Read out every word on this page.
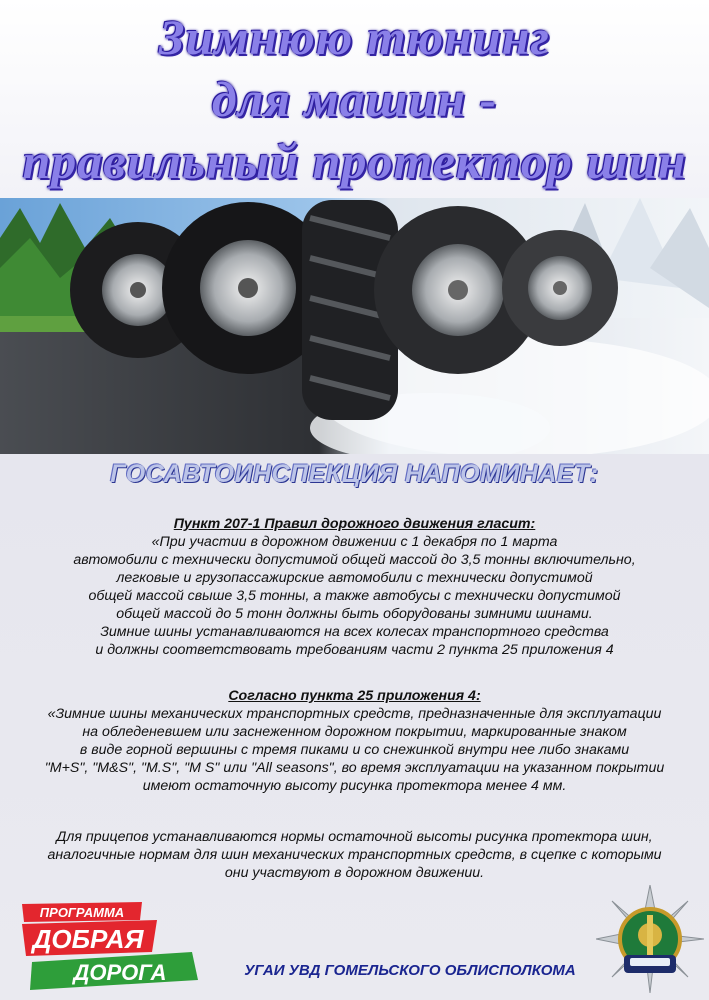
Зимнюю тюнинг
для машин -
правильный протектор шин
ГОСАВТОИНСПЕКЦИЯ НАПОМИНАЕТ:
Пункт 207-1 Правил дорожного движения гласит:
«При участии в дорожном движении с 1 декабря по 1 марта
автомобили с технически допустимой общей массой до 3,5 тонны включительно,
легковые и грузопассажирские автомобили с технически допустимой
общей массой свыше 3,5 тонны, а также автобусы с технически допустимой
общей массой до 5 тонн должны быть оборудованы зимними шинами.
Зимние шины устанавливаются на всех колесах транспортного средства
и должны соответствовать требованиям части 2 пункта 25 приложения 4
Согласно пункта 25 приложения 4:
«Зимние шины механических транспортных средств, предназначенные для эксплуатации
на обледеневшем или заснеженном дорожном покрытии, маркированные знаком
в виде горной вершины с тремя пиками и со снежинкой внутри нее либо знаками
"M+S", "M&S", "M.S", "M S" или "All seasons", во время эксплуатации на указанном покрытии
имеют остаточную высоту рисунка протектора менее 4 мм.
Для прицепов устанавливаются нормы остаточной высоты рисунка протектора шин,
аналогичные нормам для шин механических транспортных средств, в сцепке с которыми
они участвуют в дорожном движении.
ПРОГРАММА
ДОБРАЯ
ДОРОГА	УГАИ УВД ГОМЕЛЬСКОГО ОБЛИСПОЛКОМА
